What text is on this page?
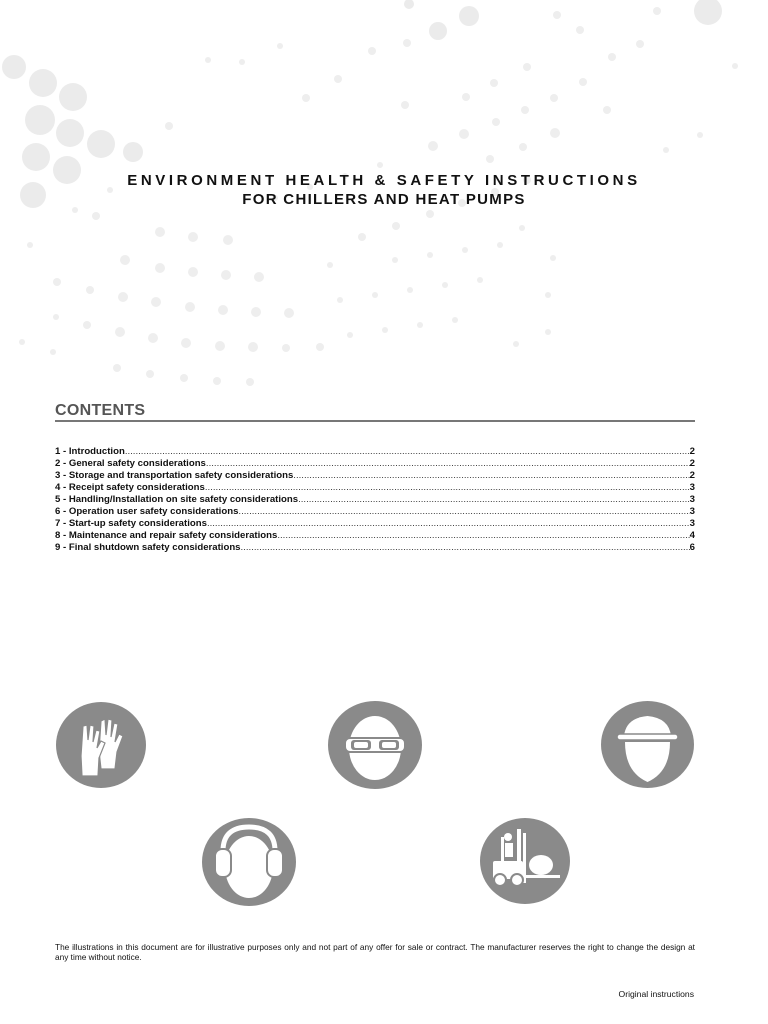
ENVIRONMENT HEALTH & SAFETY INSTRUCTIONS
FOR CHILLERS AND HEAT PUMPS
CONTENTS
1 - Introduction .....	2
2 - General safety considerations .....	2
3 - Storage and transportation safety considerations .....	2
4 - Receipt safety considerations .....	3
5 - Handling/Installation on site safety considerations .....	3
6 - Operation user safety considerations .....	3
7 - Start-up safety considerations .....	3
8 - Maintenance and repair safety considerations .....	4
9 - Final shutdown safety considerations .....	6
The illustrations in this document are for illustrative purposes only and not part of any offer for sale or contract. The manufacturer reserves the right to change the design at any time without notice.
Original instructions
